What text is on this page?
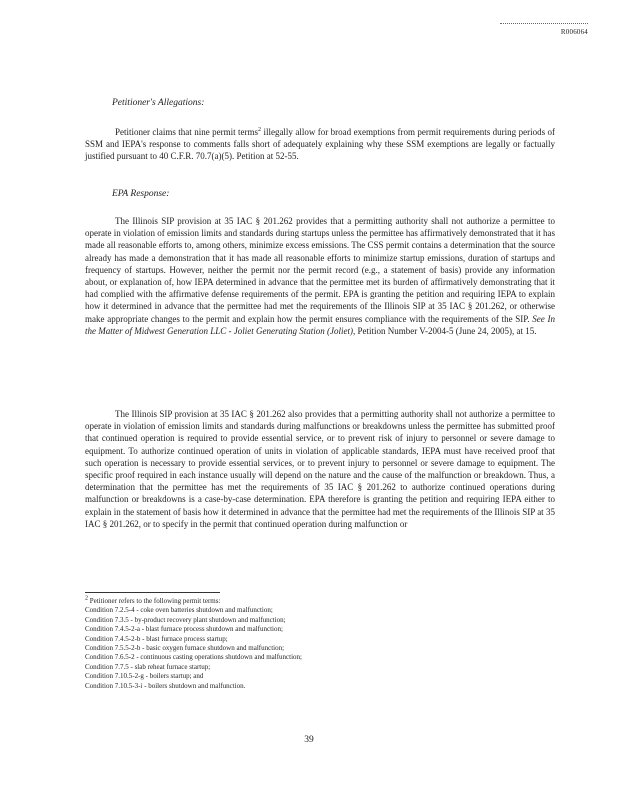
R006064
Petitioner's Allegations:

Petitioner claims that nine permit terms$^2$ illegally allow for broad exemptions from permit requirements during periods of SSM and IEPA's response to comments falls short of adequately explaining why these SSM exemptions are legally or factually justified pursuant to 40 C.F.R. 70.7(a)(5). Petition at 52-55.

EPA Response:

The Illinois SIP provision at 35 IAC § 201.262 provides that a permitting authority shall not authorize a permittee to operate in violation of emission limits and standards during startups unless the permittee has affirmatively demonstrated that it has made all reasonable efforts to, among others, minimize excess emissions. The CSS permit contains a determination that the source already has made a demonstration that it has made all reasonable efforts to minimize startup emissions, duration of startups and frequency of startups. However, neither the permit nor the permit record (e.g., a statement of basis) provide any information about, or explanation of, how IEPA determined in advance that the permittee met its burden of affirmatively demonstrating that it had complied with the affirmative defense requirements of the permit. EPA is granting the petition and requiring IEPA to explain how it determined in advance that the permittee had met the requirements of the Illinois SIP at 35 IAC § 201.262, or otherwise make appropriate changes to the permit and explain how the permit ensures compliance with the requirements of the SIP. See In the Matter of Midwest Generation LLC - Joliet Generating Station (Joliet), Petition Number V-2004-5 (June 24, 2005), at 15.

The Illinois SIP provision at 35 IAC § 201.262 also provides that a permitting authority shall not authorize a permittee to operate in violation of emission limits and standards during malfunctions or breakdowns unless the permittee has submitted proof that continued operation is required to provide essential service, or to prevent risk of injury to personnel or severe damage to equipment. To authorize continued operation of units in violation of applicable standards, IEPA must have received proof that such operation is necessary to provide essential services, or to prevent injury to personnel or severe damage to equipment. The specific proof required in each instance usually will depend on the nature and the cause of the malfunction or breakdown. Thus, a determination that the permittee has met the requirements of 35 IAC § 201.262 to authorize continued operations during malfunction or breakdowns is a case-by-case determination. EPA therefore is granting the petition and requiring IEPA either to explain in the statement of basis how it determined in advance that the permittee had met the requirements of the Illinois SIP at 35 IAC § 201.262, or to specify in the permit that continued operation during malfunction or

$^2$ Petitioner refers to the following permit terms:
Condition 7.2.5-4 - coke oven batteries shutdown and malfunction;
Condition 7.3.5 - by-product recovery plant shutdown and malfunction;
Condition 7.4.5-2-a - blast furnace process shutdown and malfunction;
Condition 7.4.5-2-b - blast furnace process startup;
Condition 7.5.5-2-b - basic oxygen furnace shutdown and malfunction;
Condition 7.6.5-2 - continuous casting operations shutdown and malfunction;
Condition 7.7.5 - slab reheat furnace startup;
Condition 7.10.5-2-g - boilers startup; and
Condition 7.10.5-3-i - boilers shutdown and malfunction.
39
